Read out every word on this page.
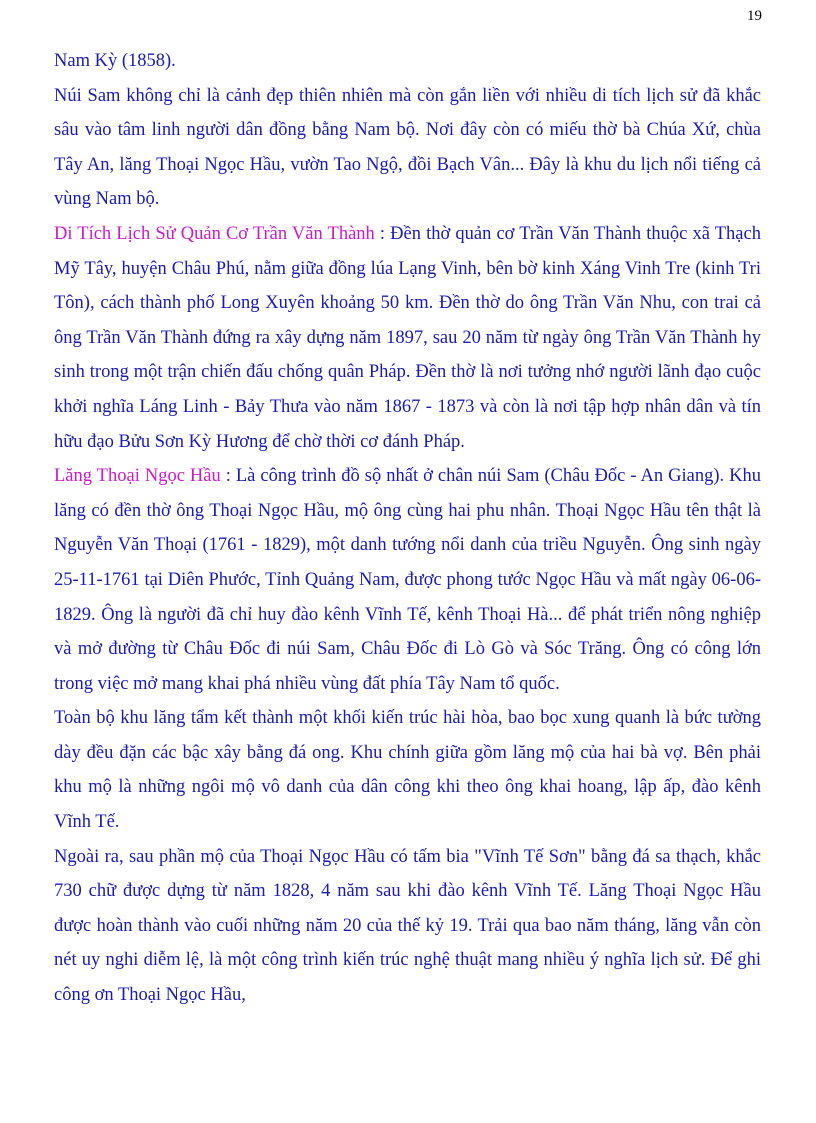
19

Nam Kỳ (1858).

Núi Sam không chỉ là cảnh đẹp thiên nhiên mà còn gắn liền với nhiều di tích lịch sử đã khắc sâu vào tâm linh người dân đồng bằng Nam bộ. Nơi đây còn có miếu thờ bà Chúa Xứ, chùa Tây An, lăng Thoại Ngọc Hầu, vườn Tao Ngộ, đồi Bạch Vân... Đây là khu du lịch nổi tiếng cả vùng Nam bộ.

Di Tích Lịch Sử Quản Cơ Trần Văn Thành : Đền thờ quản cơ Trần Văn Thành thuộc xã Thạch Mỹ Tây, huyện Châu Phú, nằm giữa đồng lúa Lạng Vinh, bên bờ kinh Xáng Vinh Tre (kinh Tri Tôn), cách thành phố Long Xuyên khoảng 50 km. Đền thờ do ông Trần Văn Nhu, con trai cả ông Trần Văn Thành đứng ra xây dựng năm 1897, sau 20 năm từ ngày ông Trần Văn Thành hy sinh trong một trận chiến đấu chống quân Pháp. Đền thờ là nơi tưởng nhớ người lãnh đạo cuộc khởi nghĩa Láng Linh - Bảy Thưa vào năm 1867 - 1873 và còn là nơi tập hợp nhân dân và tín hữu đạo Bửu Sơn Kỳ Hương để chờ thời cơ đánh Pháp.

Lăng Thoại Ngọc Hầu : Là công trình đồ sộ nhất ở chân núi Sam (Châu Đốc - An Giang). Khu lăng có đền thờ ông Thoại Ngọc Hầu, mộ ông cùng hai phu nhân. Thoại Ngọc Hầu tên thật là Nguyễn Văn Thoại (1761 - 1829), một danh tướng nổi danh của triều Nguyễn. Ông sinh ngày 25-11-1761 tại Diên Phước, Tỉnh Quảng Nam, được phong tước Ngọc Hầu và mất ngày 06-06-1829. Ông là người đã chỉ huy đào kênh Vĩnh Tế, kênh Thoại Hà... để phát triển nông nghiệp và mở đường từ Châu Đốc đi núi Sam, Châu Đốc đi Lò Gò và Sóc Trăng. Ông có công lớn trong việc mở mang khai phá nhiều vùng đất phía Tây Nam tổ quốc.

Toàn bộ khu lăng tẩm kết thành một khối kiến trúc hài hòa, bao bọc xung quanh là bức tường dày đều đặn các bậc xây bằng đá ong. Khu chính giữa gồm lăng mộ của hai bà vợ. Bên phải khu mộ là những ngôi mộ vô danh của dân công khi theo ông khai hoang, lập ấp, đào kênh Vĩnh Tế.

Ngoài ra, sau phần mộ của Thoại Ngọc Hầu có tấm bia "Vĩnh Tế Sơn" bằng đá sa thạch, khắc 730 chữ được dựng từ năm 1828, 4 năm sau khi đào kênh Vĩnh Tế. Lăng Thoại Ngọc Hầu được hoàn thành vào cuối những năm 20 của thế kỷ 19. Trải qua bao năm tháng, lăng vẫn còn nét uy nghi diễm lệ, là một công trình kiến trúc nghệ thuật mang nhiều ý nghĩa lịch sử. Để ghi công ơn Thoại Ngọc Hầu,
